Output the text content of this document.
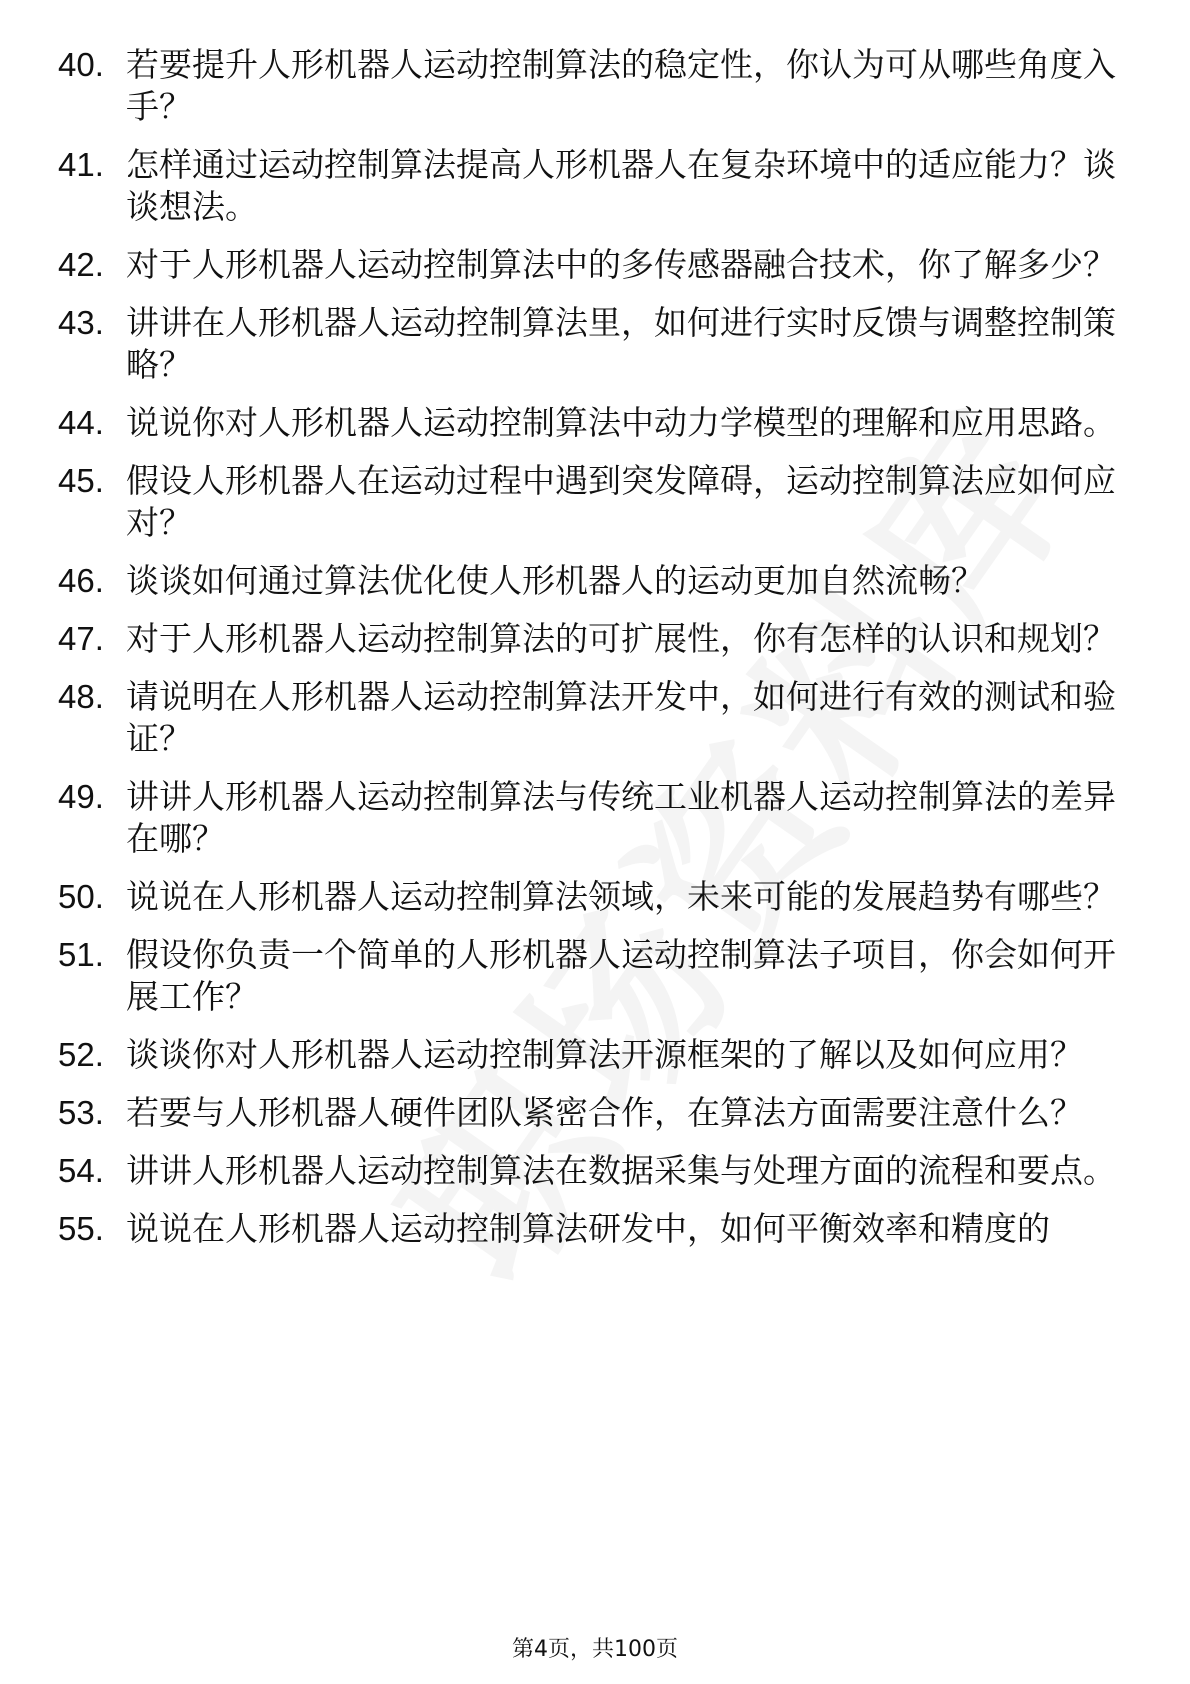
40. 若要提升人形机器人运动控制算法的稳定性，你认为可从哪些角度入手？
41. 怎样通过运动控制算法提高人形机器人在复杂环境中的适应能力？谈谈想法。
42. 对于人形机器人运动控制算法中的多传感器融合技术，你了解多少？
43. 讲讲在人形机器人运动控制算法里，如何进行实时反馈与调整控制策略？
44. 说说你对人形机器人运动控制算法中动力学模型的理解和应用思路。
45. 假设人形机器人在运动过程中遇到突发障碍，运动控制算法应如何应对？
46. 谈谈如何通过算法优化使人形机器人的运动更加自然流畅？
47. 对于人形机器人运动控制算法的可扩展性，你有怎样的认识和规划？
48. 请说明在人形机器人运动控制算法开发中，如何进行有效的测试和验证？
49. 讲讲人形机器人运动控制算法与传统工业机器人运动控制算法的差异在哪？
50. 说说在人形机器人运动控制算法领域，未来可能的发展趋势有哪些？
51. 假设你负责一个简单的人形机器人运动控制算法子项目，你会如何开展工作？
52. 谈谈你对人形机器人运动控制算法开源框架的了解以及如何应用？
53. 若要与人形机器人硬件团队紧密合作，在算法方面需要注意什么？
54. 讲讲人形机器人运动控制算法在数据采集与处理方面的流程和要点。
55. 说说在人形机器人运动控制算法研发中，如何平衡效率和精度的
第4页，共100页
